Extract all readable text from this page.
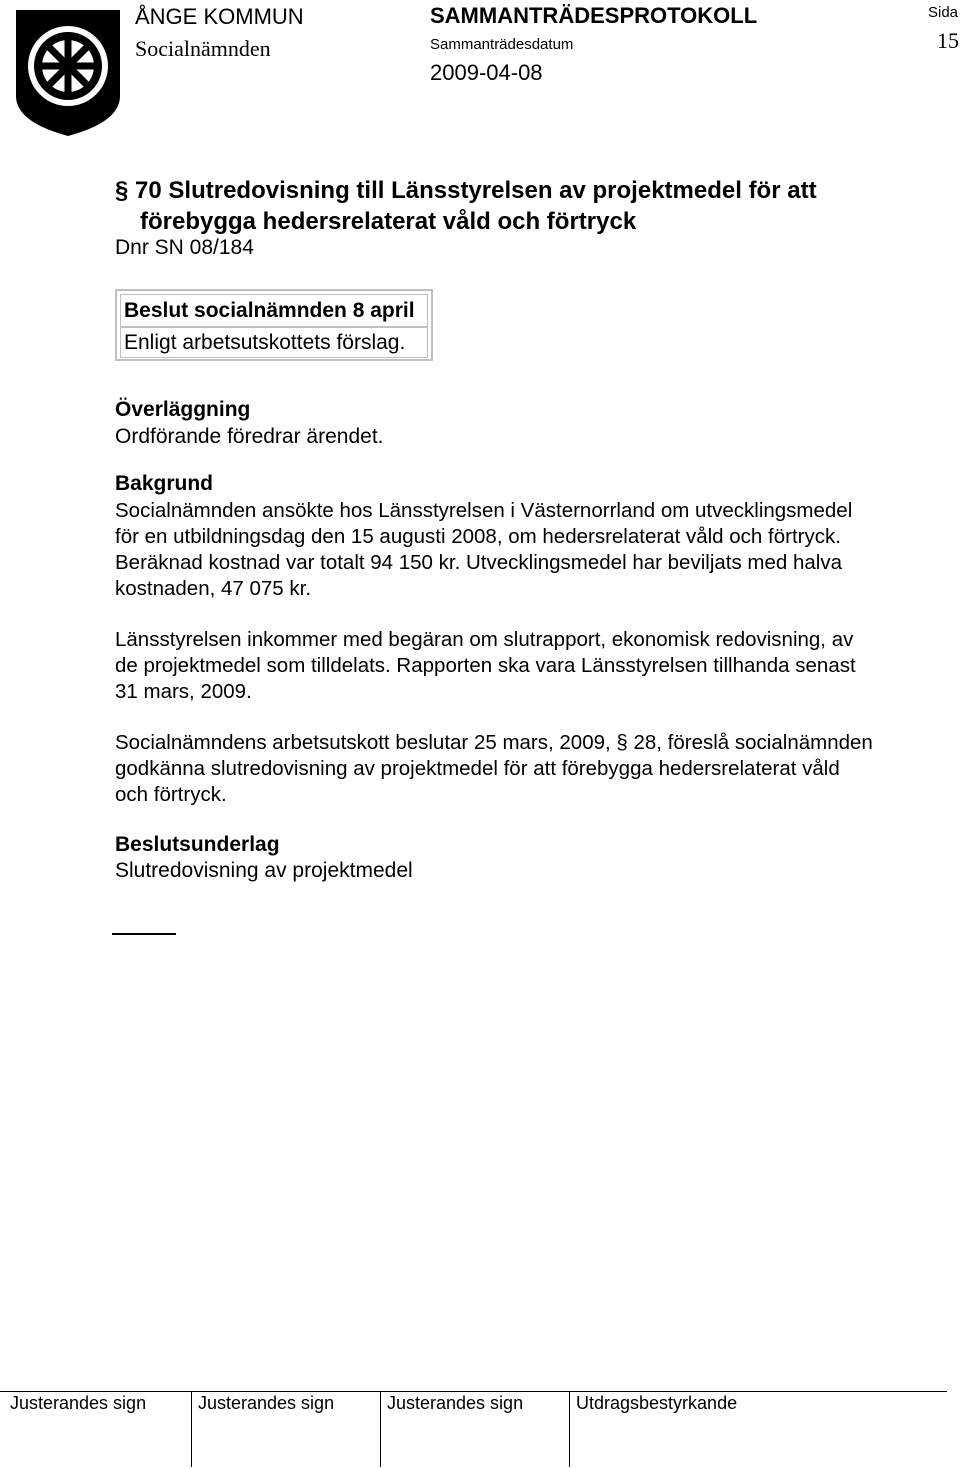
ÅNGE KOMMUN
Socialnämnden
SAMMANTRÄDESPROTOKOLL
Sammanträdesdatum
2009-04-08
Sida
15
§ 70 Slutredovisning till Länsstyrelsen av projektmedel för att
förebygga hedersrelaterat våld och förtryck
Dnr SN 08/184
Beslut socialnämnden 8 april
Enligt arbetsutskottets förslag.
Överläggning
Ordförande föredrar ärendet.
Bakgrund
Socialnämnden ansökte hos Länsstyrelsen i Västernorrland om utvecklingsmedel
för en utbildningsdag den 15 augusti 2008, om hedersrelaterat våld och förtryck.
Beräknad kostnad var totalt 94 150 kr. Utvecklingsmedel har beviljats med halva
kostnaden, 47 075 kr.
Länsstyrelsen inkommer med begäran om slutrapport, ekonomisk redovisning, av
de projektmedel som tilldelats. Rapporten ska vara Länsstyrelsen tillhanda senast
31 mars, 2009.
Socialnämndens arbetsutskott beslutar 25 mars, 2009, § 28, föreslå socialnämnden
godkänna slutredovisning av projektmedel för att förebygga hedersrelaterat våld
och förtryck.
Beslutsunderlag
Slutredovisning av projektmedel
Justerandes sign	Justerandes sign	Justerandes sign	Utdragsbestyrkande
